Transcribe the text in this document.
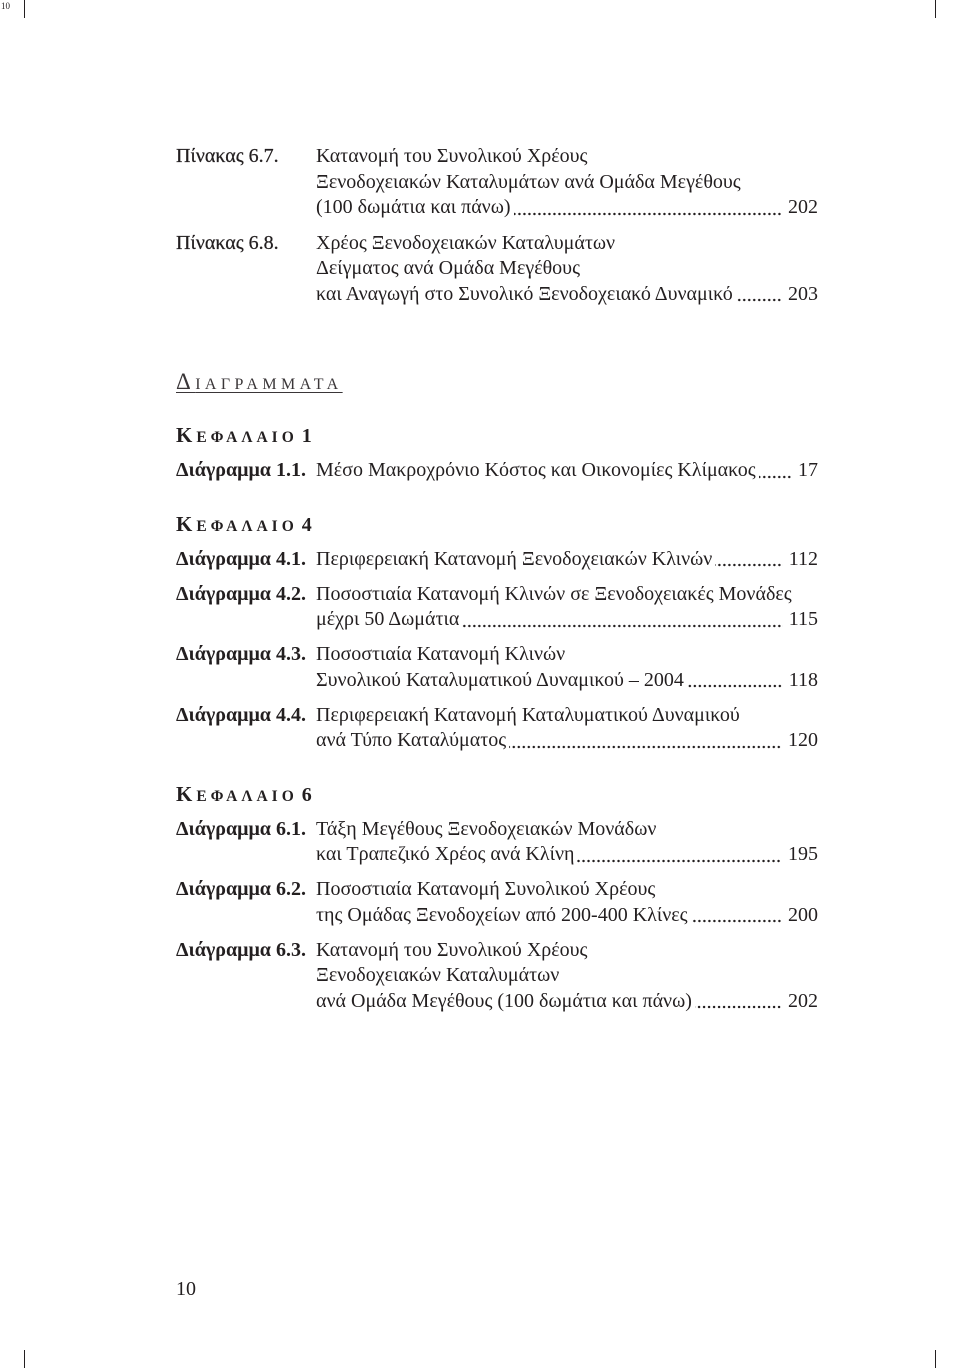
10
Πίνακας 6.7.	Κατανομή του Συνολικού Χρέους
Ξενοδοχειακών Καταλυμάτων ανά Ομάδα Μεγέθους
(100 δωμάτια και πάνω)	202
Πίνακας 6.8.	Χρέος Ξενοδοχειακών Καταλυμάτων
Δείγματος ανά Ομάδα Μεγέθους
και Αναγωγή στο Συνολικό Ξενοδοχειακό Δυναμικό	203
ΔΙΑΓΡΑΜΜΑΤΑ
ΚΕΦΑΛΑΙΟ 1
Διάγραμμα 1.1. Μέσο Μακροχρόνιο Κόστος και Οικονομίες Κλίμακος 17
ΚΕΦΑΛΑΙΟ 4
Διάγραμμα 4.1. Περιφερειακή Κατανομή Ξενοδοχειακών Κλινών	112
Διάγραμμα 4.2. Ποσοστιαία Κατανομή Κλινών σε Ξενοδοχειακές Μονάδες
μέχρι 50 Δωμάτια	115
Διάγραμμα 4.3. Ποσοστιαία Κατανομή Κλινών
Συνολικού Καταλυματικού Δυναμικού – 2004	118
Διάγραμμα 4.4. Περιφερειακή Κατανομή Καταλυματικού Δυναμικού
ανά Τύπο Καταλύματος	120
ΚΕΦΑΛΑΙΟ 6
Διάγραμμα 6.1. Τάξη Μεγέθους Ξενοδοχειακών Μονάδων
και Τραπεζικό Χρέος ανά Κλίνη	195
Διάγραμμα 6.2. Ποσοστιαία Κατανομή Συνολικού Χρέους
της Ομάδας Ξενοδοχείων από 200-400 Κλίνες	200
Διάγραμμα 6.3. Κατανομή του Συνολικού Χρέους
Ξενοδοχειακών Καταλυμάτων
ανά Ομάδα Μεγέθους (100 δωμάτια και πάνω)	202
10
